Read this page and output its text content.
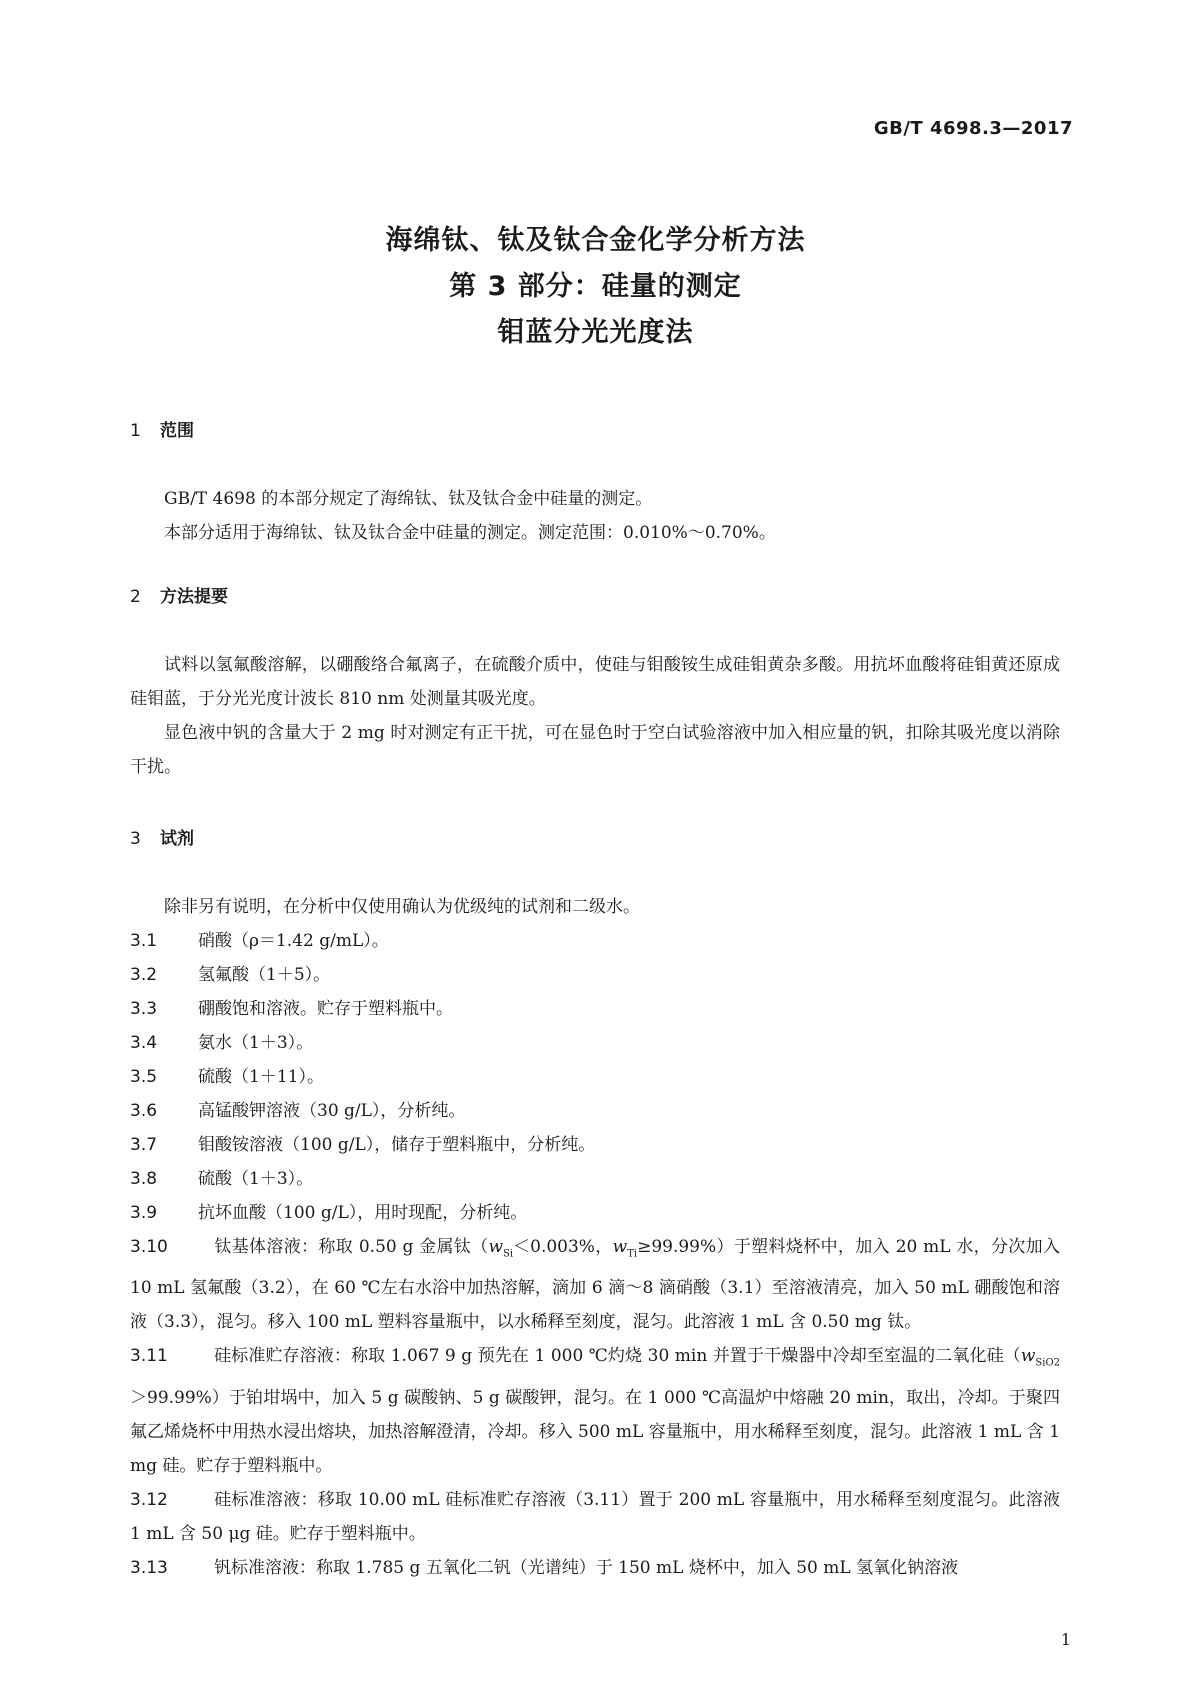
GB/T 4698.3—2017
海绵钛、钛及钛合金化学分析方法
第 3 部分：硅量的测定
钼蓝分光光度法
1 范围

GB/T 4698 的本部分规定了海绵钛、钛及钛合金中硅量的测定。

本部分适用于海绵钛、钛及钛合金中硅量的测定。测定范围：0.010%～0.70%。

2 方法提要

试料以氢氟酸溶解，以硼酸络合氟离子，在硫酸介质中，使硅与钼酸铵生成硅钼黄杂多酸。用抗坏血酸将硅钼黄还原成硅钼蓝，于分光光度计波长 810 nm 处测量其吸光度。

显色液中钒的含量大于 2 mg 时对测定有正干扰，可在显色时于空白试验溶液中加入相应量的钒，扣除其吸光度以消除干扰。

3 试剂

除非另有说明，在分析中仅使用确认为优级纯的试剂和二级水。

3.1 硝酸（ρ＝1.42 g/mL）。

3.2 氢氟酸（1＋5）。

3.3 硼酸饱和溶液。贮存于塑料瓶中。

3.4 氨水（1＋3）。

3.5 硫酸（1＋11）。

3.6 高锰酸钾溶液（30 g/L），分析纯。

3.7 钼酸铵溶液（100 g/L），储存于塑料瓶中，分析纯。

3.8 硫酸（1＋3）。

3.9 抗坏血酸（100 g/L），用时现配，分析纯。

3.10	钛基体溶液：称取 0.50 g 金属钛（$w_{Si}<0.003\%$，$w_{Ti}\ge 99.99\%$）于塑料烧杯中，加入 20 mL 水，分次加入 10 mL 氢氟酸（3.2），在 60 ℃左右水浴中加热溶解，滴加 6 滴～8 滴硝酸（3.1）至溶液清亮，加入 50 mL 硼酸饱和溶液（3.3），混匀。移入 100 mL 塑料容量瓶中，以水稀释至刻度，混匀。此溶液 1 mL 含 0.50 mg 钛。

3.11	硅标准贮存溶液：称取 1.067 9 g 预先在 1 000 ℃灼烧 30 min 并置于干燥器中冷却至室温的二氧化硅$(w_{SiO2}>99.99\%)$于铂坩埚中，加入 5 g 碳酸钠、5 g 碳酸钾，混匀。在 1 000 ℃高温炉中熔融 20 min，取出，冷却。于聚四氟乙烯烧杯中用热水浸出熔块，加热溶解澄清，冷却。移入 500 mL 容量瓶中，用水稀释至刻度，混匀。此溶液 1 mL 含 1 mg 硅。贮存于塑料瓶中。

3.12	硅标准溶液：移取 10.00 mL 硅标准贮存溶液（3.11）置于 200 mL 容量瓶中，用水稀释至刻度混匀。此溶液 1 mL 含 50 μg 硅。贮存于塑料瓶中。

3.13	钒标准溶液：称取 1.785 g 五氧化二钒（光谱纯）于 150 mL 烧杯中，加入 50 mL 氢氧化钠溶液

1
